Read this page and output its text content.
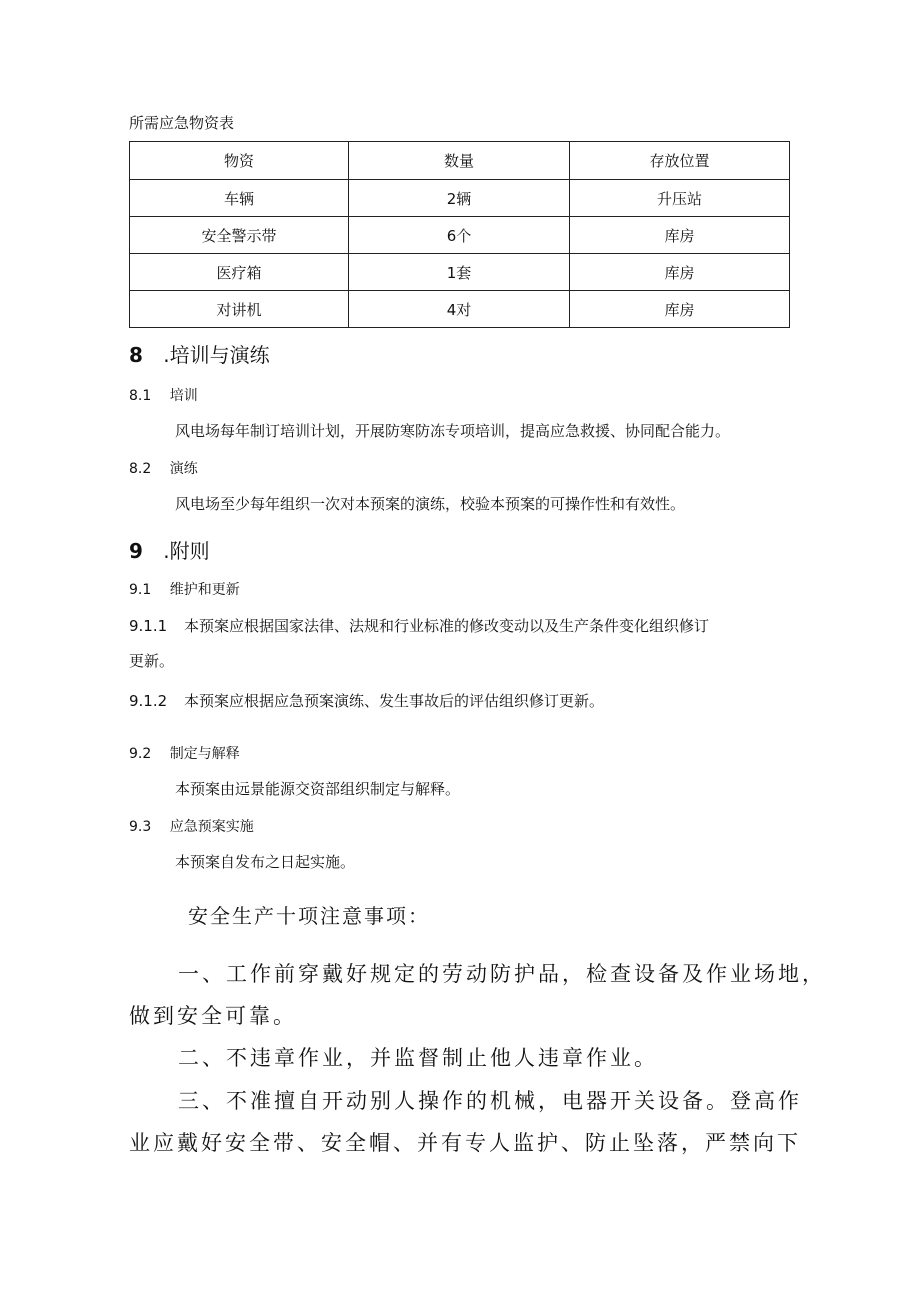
所需应急物资表
物资	数量	存放位置
车辆	2辆	升压站
安全警示带	6个	库房
医疗箱	1套	库房
对讲机	4对	库房
8 .培训与演练
8.1 培训
风电场每年制订培训计划，开展防寒防冻专项培训，提高应急救援、协同配合能力。
8.2 演练
风电场至少每年组织一次对本预案的演练，校验本预案的可操作性和有效性。
9 .附则
9.1 维护和更新
9.1.1 本预案应根据国家法律、法规和行业标准的修改变动以及生产条件变化组织修订
更新。
9.1.2 本预案应根据应急预案演练、发生事故后的评估组织修订更新。
9.2 制定与解释
本预案由远景能源交资部组织制定与解释。
9.3 应急预案实施
本预案自发布之日起实施。
安全生产十项注意事项：
一、工作前穿戴好规定的劳动防护品，检查设备及作业场地，
做到安全可靠。
二、不违章作业，并监督制止他人违章作业。
三、不准擅自开动别人操作的机械，电器开关设备。登高作
业应戴好安全带、安全帽、并有专人监护、防止坠落，严禁向下
